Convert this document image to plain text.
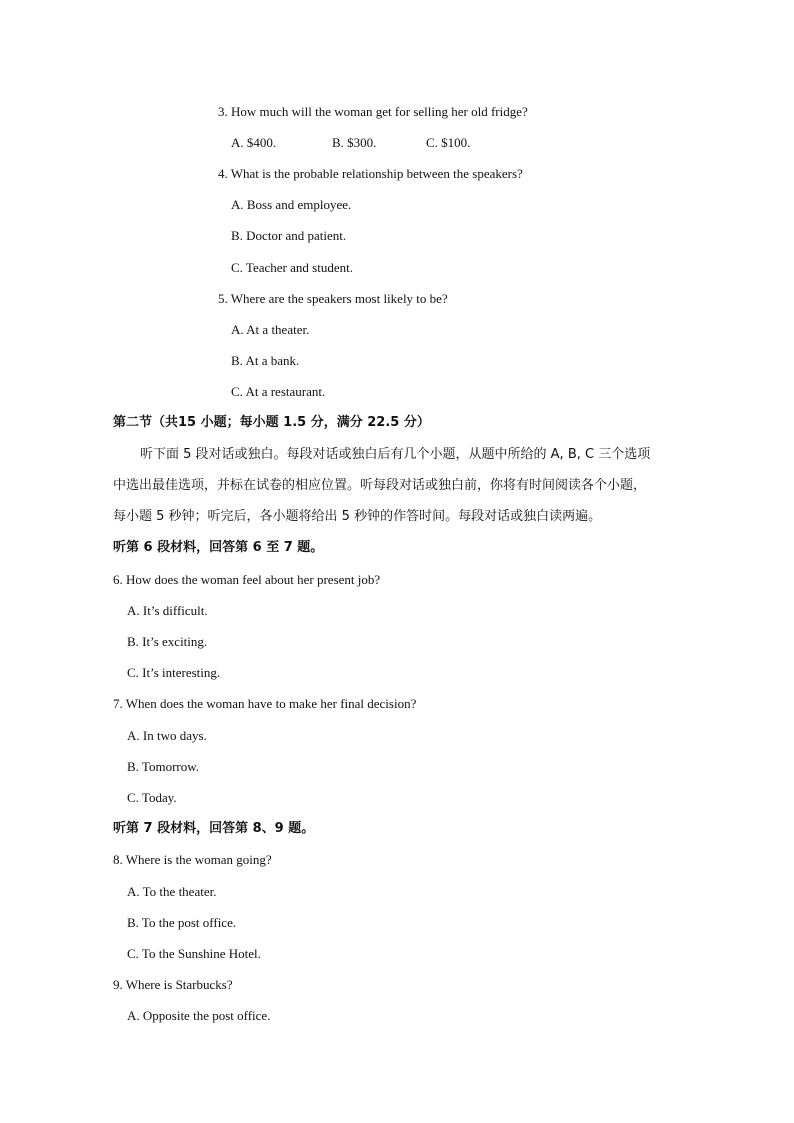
3. How much will the woman get for selling her old fridge?
A. $400.	B. $300.	C. $100.
4. What is the probable relationship between the speakers?
A. Boss and employee.
B. Doctor and patient.
C. Teacher and student.
5. Where are the speakers most likely to be?
A. At a theater.
B. At a bank.
C. At a restaurant.
第二节（共15 小题；每小题 1.5 分，满分 22.5 分）
听下面 5 段对话或独白。每段对话或独白后有几个小题，从题中所给的 A, B, C 三个选项
中选出最佳选项，并标在试卷的相应位置。听每段对话或独白前，你将有时间阅读各个小题，
每小题 5 秒钟；听完后，各小题将给出 5 秒钟的作答时间。每段对话或独白读两遍。
听第 6 段材料，回答第 6 至 7 题。
6. How does the woman feel about her present job?
A. It’s difficult.
B. It’s exciting.
C. It’s interesting.
7. When does the woman have to make her final decision?
A. In two days.
B. Tomorrow.
C. Today.
听第 7 段材料，回答第 8、9 题。
8. Where is the woman going?
A. To the theater.
B. To the post office.
C. To the Sunshine Hotel.
9. Where is Starbucks?
A. Opposite the post office.
